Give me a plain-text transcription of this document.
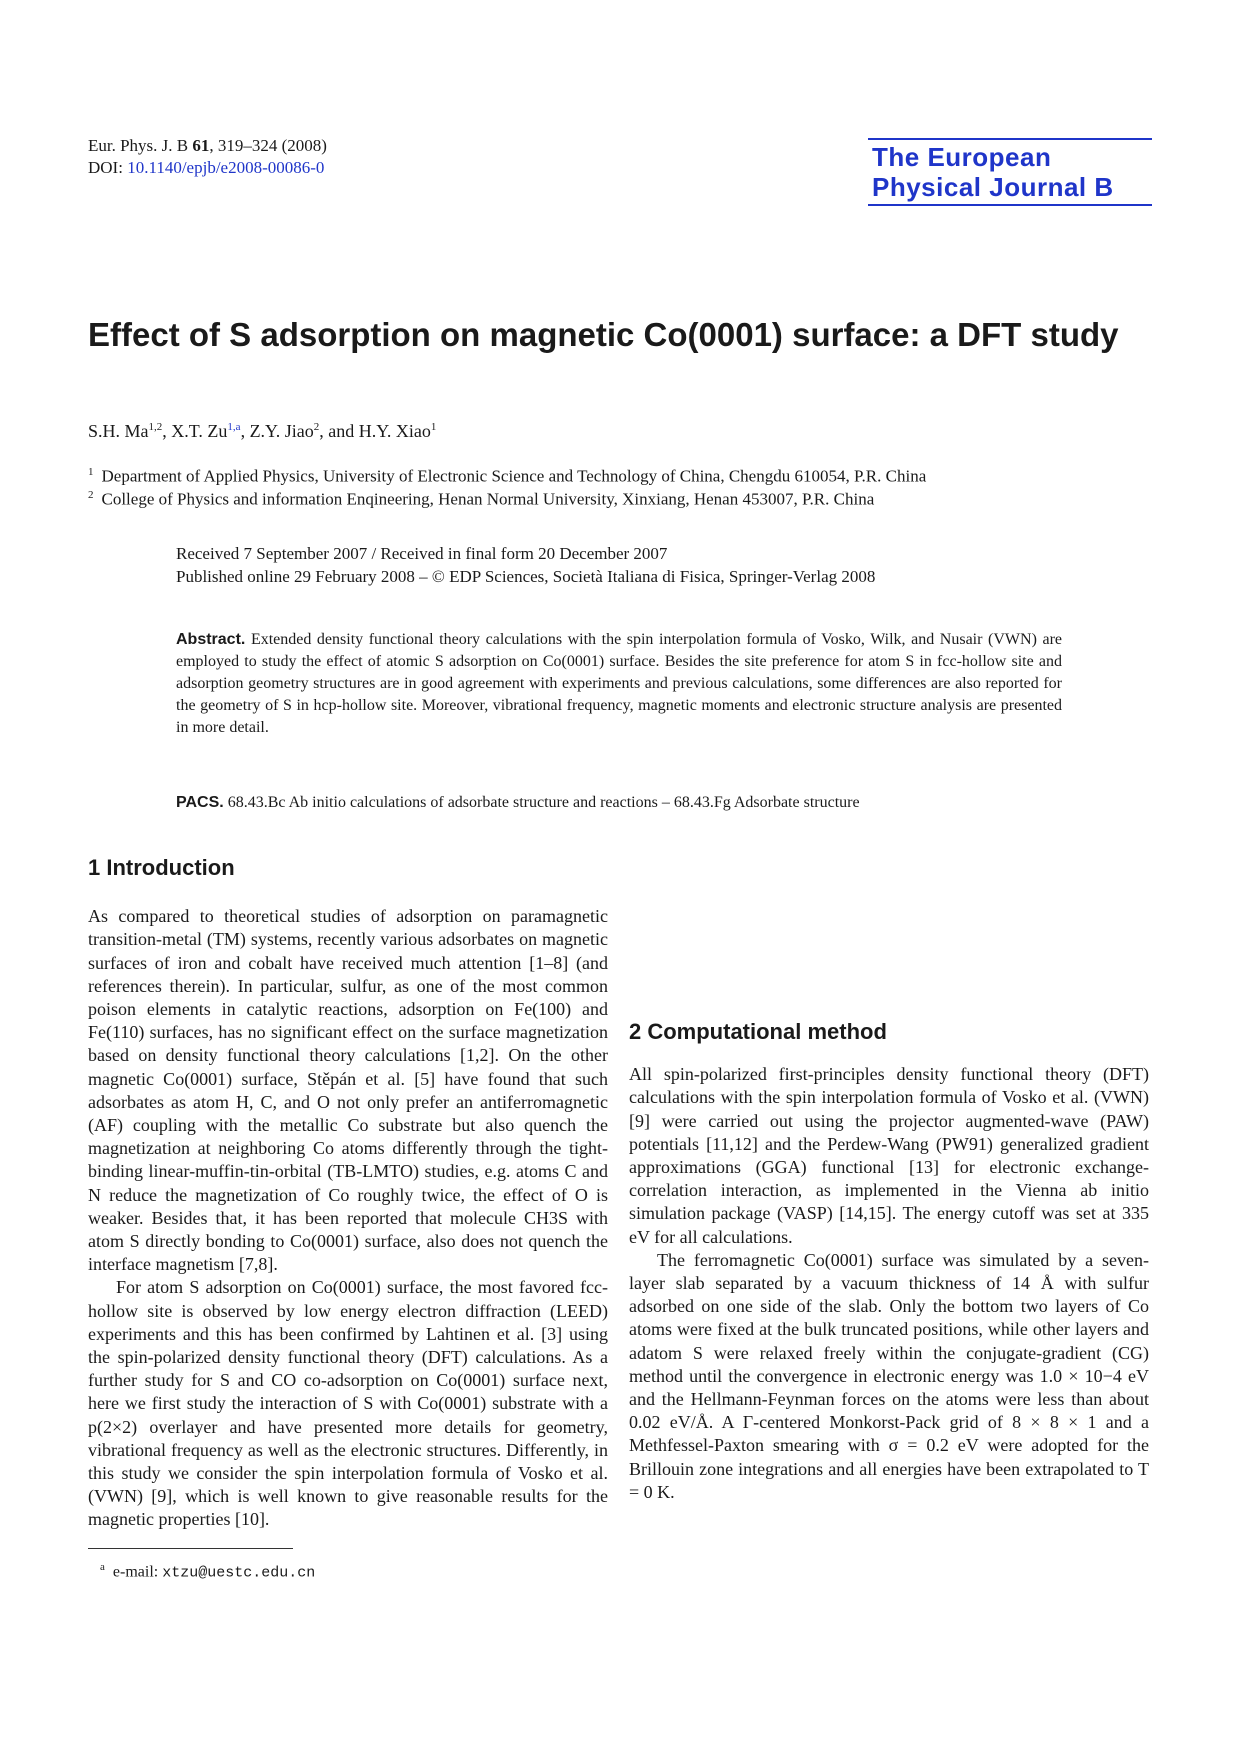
Eur. Phys. J. B 61, 319–324 (2008)
DOI: 10.1140/epjb/e2008-00086-0	The European
Physical Journal B
Effect of S adsorption on magnetic Co(0001) surface: a DFT study
S.H. Ma$^{1,2}$, X.T. Zu$^{1,a}$, Z.Y. Jiao$^2$, and H.Y. Xiao$^1$
$^1$ Department of Applied Physics, University of Electronic Science and Technology of China, Chengdu 610054, P.R. China
$^2$ College of Physics and information Enqineering, Henan Normal University, Xinxiang, Henan 453007, P.R. China
Received 7 September 2007 / Received in final form 20 December 2007
Published online 29 February 2008 – © EDP Sciences, Società Italiana di Fisica, Springer-Verlag 2008
Abstract. Extended density functional theory calculations with the spin interpolation formula of Vosko, Wilk, and Nusair (VWN) are employed to study the effect of atomic S adsorption on Co(0001) surface. Besides the site preference for atom S in fcc-hollow site and adsorption geometry structures are in good agreement with experiments and previous calculations, some differences are also reported for the geometry of S in hcp-hollow site. Moreover, vibrational frequency, magnetic moments and electronic structure analysis are presented in more detail.
PACS. 68.43.Bc Ab initio calculations of adsorbate structure and reactions – 68.43.Fg Adsorbate structure
1 Introduction

As compared to theoretical studies of adsorption on paramagnetic transition-metal (TM) systems, recently various adsorbates on magnetic surfaces of iron and cobalt have received much attention [1–8] (and references therein). In particular, sulfur, as one of the most common poison elements in catalytic reactions, adsorption on Fe(100) and Fe(110) surfaces, has no significant effect on the surface magnetization based on density functional theory calculations [1,2]. On the other magnetic Co(0001) surface, Stěpán et al. [5] have found that such adsorbates as atom H, C, and O not only prefer an antiferromagnetic (AF) coupling with the metallic Co substrate but also quench the magnetization at neighboring Co atoms differently through the tight-binding linear-muffin-tin-orbital (TB-LMTO) studies, e.g. atoms C and N reduce the magnetization of Co roughly twice, the effect of O is weaker. Besides that, it has been reported that molecule CH3S with atom S directly bonding to Co(0001) surface, also does not quench the interface magnetism [7,8].

For atom S adsorption on Co(0001) surface, the most favored fcc-hollow site is observed by low energy electron diffraction (LEED) experiments and this has been confirmed by Lahtinen et al. [3] using the spin-polarized density functional theory (DFT) calculations. As a further study for S and CO co-adsorption on Co(0001) surface next, here we first study the interaction of S with Co(0001) substrate with a p(2×2) overlayer and have presented more details for geometry, vibrational frequency as well as the electronic structures. Differently, in this study we consider the spin interpolation formula of Vosko et al. (VWN) [9], which is well known to give reasonable results for the magnetic properties [10].

2 Computational method

All spin-polarized first-principles density functional theory (DFT) calculations with the spin interpolation formula of Vosko et al. (VWN) [9] were carried out using the projector augmented-wave (PAW) potentials [11,12] and the Perdew-Wang (PW91) generalized gradient approximations (GGA) functional [13] for electronic exchange-correlation interaction, as implemented in the Vienna ab initio simulation package (VASP) [14,15]. The energy cutoff was set at 335 eV for all calculations.

The ferromagnetic Co(0001) surface was simulated by a seven-layer slab separated by a vacuum thickness of 14 Å with sulfur adsorbed on one side of the slab. Only the bottom two layers of Co atoms were fixed at the bulk truncated positions, while other layers and adatom S were relaxed freely within the conjugate-gradient (CG) method until the convergence in electronic energy was 1.0 × 10−4 eV and the Hellmann-Feynman forces on the atoms were less than about 0.02 eV/Å. A Γ-centered Monkorst-Pack grid of 8 × 8 × 1 and a Methfessel-Paxton smearing with σ = 0.2 eV were adopted for the Brillouin zone integrations and all energies have been extrapolated to T = 0 K.

$^a$ e-mail: xtzu@uestc.edu.cn
